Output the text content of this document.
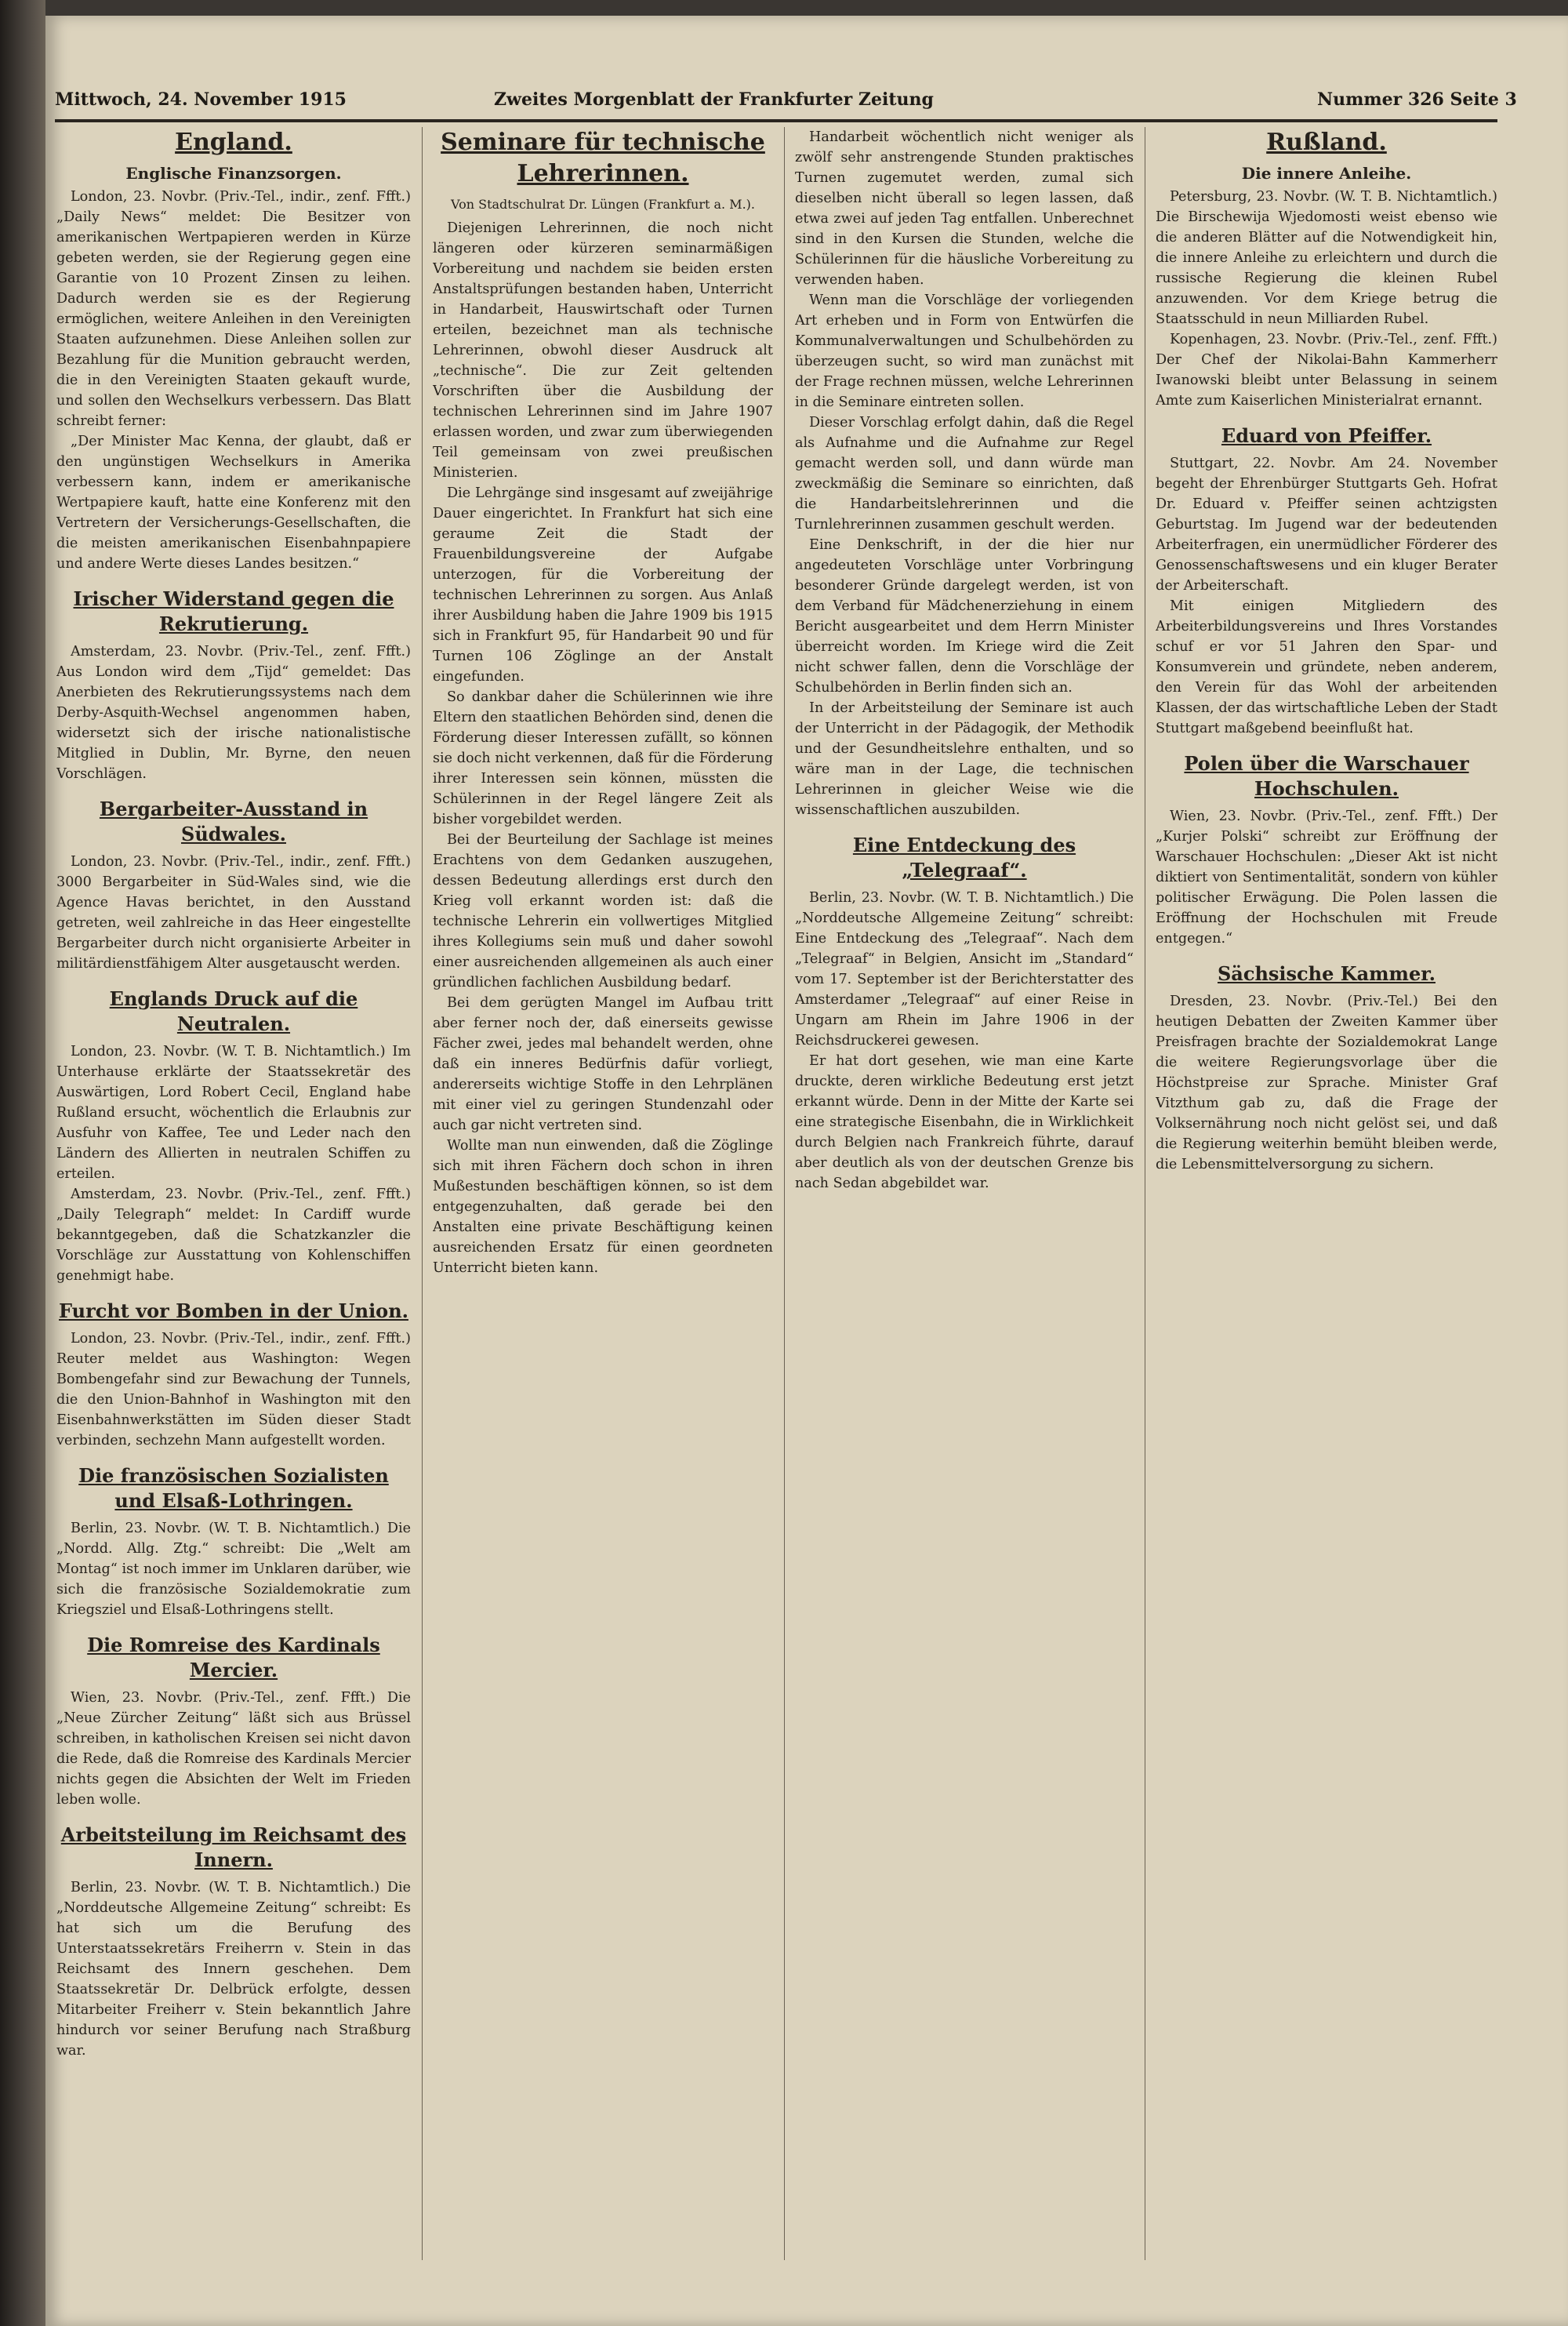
Mittwoch, 24. November 1915	Zweites Morgenblatt der Frankfurter Zeitung	Nummer 326 Seite 3
England.
Englische Finanzsorgen.

London, 23. Novbr. (Priv.-Tel., indir., zenf. Ffft.) „Daily News“ meldet: Die Besitzer von amerikanischen Wertpapieren werden in Kürze gebeten werden, sie der Regierung gegen eine Garantie von 10 Prozent Zinsen zu leihen. Dadurch werden sie es der Regierung ermöglichen, weitere Anleihen in den Vereinigten Staaten aufzunehmen. Diese Anleihen sollen zur Bezahlung für die Munition gebraucht werden, die in den Vereinigten Staaten gekauft wurde, und sollen den Wechselkurs verbessern. Das Blatt schreibt ferner:

„Der Minister Mac Kenna, der glaubt, daß er den ungünstigen Wechselkurs in Amerika verbessern kann, indem er amerikanische Wertpapiere kauft, hatte eine Konferenz mit den Vertretern der Versicherungs-Gesellschaften, die die meisten amerikanischen Eisenbahnpapiere und andere Werte dieses Landes besitzen.“

Irischer Widerstand gegen die Rekrutierung.

Amsterdam, 23. Novbr. (Priv.-Tel., zenf. Ffft.) Aus London wird dem „Tijd“ gemeldet: Das Anerbieten des Rekrutierungssystems nach dem Derby-Asquith-Wechsel angenommen haben, widersetzt sich der irische nationalistische Mitglied in Dublin, Mr. Byrne, den neuen Vorschlägen.

Bergarbeiter-Ausstand in Südwales.

London, 23. Novbr. (Priv.-Tel., indir., zenf. Ffft.) 3000 Bergarbeiter in Süd-Wales sind, wie die Agence Havas berichtet, in den Ausstand getreten, weil zahlreiche in das Heer eingestellte Bergarbeiter durch nicht organisierte Arbeiter in militärdienstfähigem Alter ausgetauscht werden.

Englands Druck auf die Neutralen.

London, 23. Novbr. (W. T. B. Nichtamtlich.) Im Unterhause erklärte der Staatssekretär des Auswärtigen, Lord Robert Cecil, England habe Rußland ersucht, wöchentlich die Erlaubnis zur Ausfuhr von Kaffee, Tee und Leder nach den Ländern des Allierten in neutralen Schiffen zu erteilen.

Amsterdam, 23. Novbr. (Priv.-Tel., zenf. Ffft.) „Daily Telegraph“ meldet: In Cardiff wurde bekanntgegeben, daß die Schatzkanzler die Vorschläge zur Ausstattung von Kohlenschiffen genehmigt habe.

Furcht vor Bomben in der Union.

London, 23. Novbr. (Priv.-Tel., indir., zenf. Ffft.) Reuter meldet aus Washington: Wegen Bombengefahr sind zur Bewachung der Tunnels, die den Union-Bahnhof in Washington mit den Eisenbahnwerkstätten im Süden dieser Stadt verbinden, sechzehn Mann aufgestellt worden.

Die französischen Sozialisten und Elsaß-Lothringen.

Berlin, 23. Novbr. (W. T. B. Nichtamtlich.) Die „Nordd. Allg. Ztg.“ schreibt: Die „Welt am Montag“ ist noch immer im Unklaren darüber, wie sich die französische Sozialdemokratie zum Kriegsziel und Elsaß-Lothringens stellt.

Die Romreise des Kardinals Mercier.

Wien, 23. Novbr. (Priv.-Tel., zenf. Ffft.) Die „Neue Zürcher Zeitung“ läßt sich aus Brüssel schreiben, in katholischen Kreisen sei nicht davon die Rede, daß die Romreise des Kardinals Mercier nichts gegen die Absichten der Welt im Frieden leben wolle.

Arbeitsteilung im Reichsamt des Innern.

Berlin, 23. Novbr. (W. T. B. Nichtamtlich.) Die „Norddeutsche Allgemeine Zeitung“ schreibt: Es hat sich um die Berufung des Unterstaatssekretärs Freiherrn v. Stein in das Reichsamt des Innern geschehen. Dem Staatssekretär Dr. Delbrück erfolgte, dessen Mitarbeiter Freiherr v. Stein bekanntlich Jahre hindurch vor seiner Berufung nach Straßburg war.

Seminare für technische Lehrerinnen.

Von Stadtschulrat Dr. Lüngen (Frankfurt a. M.).

Diejenigen Lehrerinnen, die noch nicht längeren oder kürzeren seminarmäßigen Vorbereitung und nachdem sie beiden ersten Anstaltsprüfungen bestanden haben, Unterricht in Handarbeit, Hauswirtschaft oder Turnen erteilen, bezeichnet man als technische Lehrerinnen, obwohl dieser Ausdruck alt „technische“. Die zur Zeit geltenden Vorschriften über die Ausbildung der technischen Lehrerinnen sind im Jahre 1907 erlassen worden, und zwar zum überwiegenden Teil gemeinsam von zwei preußischen Ministerien.

Die Lehrgänge sind insgesamt auf zweijährige Dauer eingerichtet. In Frankfurt hat sich eine geraume Zeit die Stadt der Frauenbildungsvereine der Aufgabe unterzogen, für die Vorbereitung der technischen Lehrerinnen zu sorgen. Aus Anlaß ihrer Ausbildung haben die Jahre 1909 bis 1915 sich in Frankfurt 95, für Handarbeit 90 und für Turnen 106 Zöglinge an der Anstalt eingefunden.

So dankbar daher die Schülerinnen wie ihre Eltern den staatlichen Behörden sind, denen die Förderung dieser Interessen zufällt, so können sie doch nicht verkennen, daß für die Förderung ihrer Interessen sein können, müssten die Schülerinnen in der Regel längere Zeit als bisher vorgebildet werden.

Bei der Beurteilung der Sachlage ist meines Erachtens von dem Gedanken auszugehen, dessen Bedeutung allerdings erst durch den Krieg voll erkannt worden ist: daß die technische Lehrerin ein vollwertiges Mitglied ihres Kollegiums sein muß und daher sowohl einer ausreichenden allgemeinen als auch einer gründlichen fachlichen Ausbildung bedarf.

Bei dem gerügten Mangel im Aufbau tritt aber ferner noch der, daß einerseits gewisse Fächer zwei, jedes mal behandelt werden, ohne daß ein inneres Bedürfnis dafür vorliegt, andererseits wichtige Stoffe in den Lehrplänen mit einer viel zu geringen Stundenzahl oder auch gar nicht vertreten sind.

Wollte man nun einwenden, daß die Zöglinge sich mit ihren Fächern doch schon in ihren Mußestunden beschäftigen können, so ist dem entgegenzuhalten, daß gerade bei den Anstalten eine private Beschäftigung keinen ausreichenden Ersatz für einen geordneten Unterricht bieten kann.

Handarbeit wöchentlich nicht weniger als zwölf sehr anstrengende Stunden praktisches Turnen zugemutet werden, zumal sich dieselben nicht überall so legen lassen, daß etwa zwei auf jeden Tag entfallen. Unberechnet sind in den Kursen die Stunden, welche die Schülerinnen für die häusliche Vorbereitung zu verwenden haben.

Wenn man die Vorschläge der vorliegenden Art erheben und in Form von Entwürfen die Kommunalverwaltungen und Schulbehörden zu überzeugen sucht, so wird man zunächst mit der Frage rechnen müssen, welche Lehrerinnen in die Seminare eintreten sollen.

Dieser Vorschlag erfolgt dahin, daß die Regel als Aufnahme und die Aufnahme zur Regel gemacht werden soll, und dann würde man zweckmäßig die Seminare so einrichten, daß die Handarbeitslehrerinnen und die Turnlehrerinnen zusammen geschult werden.

Eine Denkschrift, in der die hier nur angedeuteten Vorschläge unter Vorbringung besonderer Gründe dargelegt werden, ist von dem Verband für Mädchenerziehung in einem Bericht ausgearbeitet und dem Herrn Minister überreicht worden. Im Kriege wird die Zeit nicht schwer fallen, denn die Vorschläge der Schulbehörden in Berlin finden sich an.

In der Arbeitsteilung der Seminare ist auch der Unterricht in der Pädagogik, der Methodik und der Gesundheitslehre enthalten, und so wäre man in der Lage, die technischen Lehrerinnen in gleicher Weise wie die wissenschaftlichen auszubilden.

Eine Entdeckung des „Telegraaf“.

Berlin, 23. Novbr. (W. T. B. Nichtamtlich.) Die „Norddeutsche Allgemeine Zeitung“ schreibt: Eine Entdeckung des „Telegraaf“. Nach dem „Telegraaf“ in Belgien, Ansicht im „Standard“ vom 17. September ist der Berichterstatter des Amsterdamer „Telegraaf“ auf einer Reise in Ungarn am Rhein im Jahre 1906 in der Reichsdruckerei gewesen.

Er hat dort gesehen, wie man eine Karte druckte, deren wirkliche Bedeutung erst jetzt erkannt würde. Denn in der Mitte der Karte sei eine strategische Eisenbahn, die in Wirklichkeit durch Belgien nach Frankreich führte, darauf aber deutlich als von der deutschen Grenze bis nach Sedan abgebildet war.

Rußland.
Die innere Anleihe.

Petersburg, 23. Novbr. (W. T. B. Nichtamtlich.) Die Birschewija Wjedomosti weist ebenso wie die anderen Blätter auf die Notwendigkeit hin, die innere Anleihe zu erleichtern und durch die russische Regierung die kleinen Rubel anzuwenden. Vor dem Kriege betrug die Staatsschuld in neun Milliarden Rubel.

Kopenhagen, 23. Novbr. (Priv.-Tel., zenf. Ffft.) Der Chef der Nikolai-Bahn Kammerherr Iwanowski bleibt unter Belassung in seinem Amte zum Kaiserlichen Ministerialrat ernannt.

Eduard von Pfeiffer.

Stuttgart, 22. Novbr. Am 24. November begeht der Ehrenbürger Stuttgarts Geh. Hofrat Dr. Eduard v. Pfeiffer seinen achtzigsten Geburtstag. Im Jugend war der bedeutenden Arbeiterfragen, ein unermüdlicher Förderer des Genossenschaftswesens und ein kluger Berater der Arbeiterschaft.

Mit einigen Mitgliedern des Arbeiterbildungsvereins und Ihres Vorstandes schuf er vor 51 Jahren den Spar- und Konsumverein und gründete, neben anderem, den Verein für das Wohl der arbeitenden Klassen, der das wirtschaftliche Leben der Stadt Stuttgart maßgebend beeinflußt hat.

Polen über die Warschauer Hochschulen.

Wien, 23. Novbr. (Priv.-Tel., zenf. Ffft.) Der „Kurjer Polski“ schreibt zur Eröffnung der Warschauer Hochschulen: „Dieser Akt ist nicht diktiert von Sentimentalität, sondern von kühler politischer Erwägung. Die Polen lassen die Eröffnung der Hochschulen mit Freude entgegen.“

Sächsische Kammer.

Dresden, 23. Novbr. (Priv.-Tel.) Bei den heutigen Debatten der Zweiten Kammer über Preisfragen brachte der Sozialdemokrat Lange die weitere Regierungsvorlage über die Höchstpreise zur Sprache. Minister Graf Vitzthum gab zu, daß die Frage der Volksernährung noch nicht gelöst sei, und daß die Regierung weiterhin bemüht bleiben werde, die Lebensmittelversorgung zu sichern.
